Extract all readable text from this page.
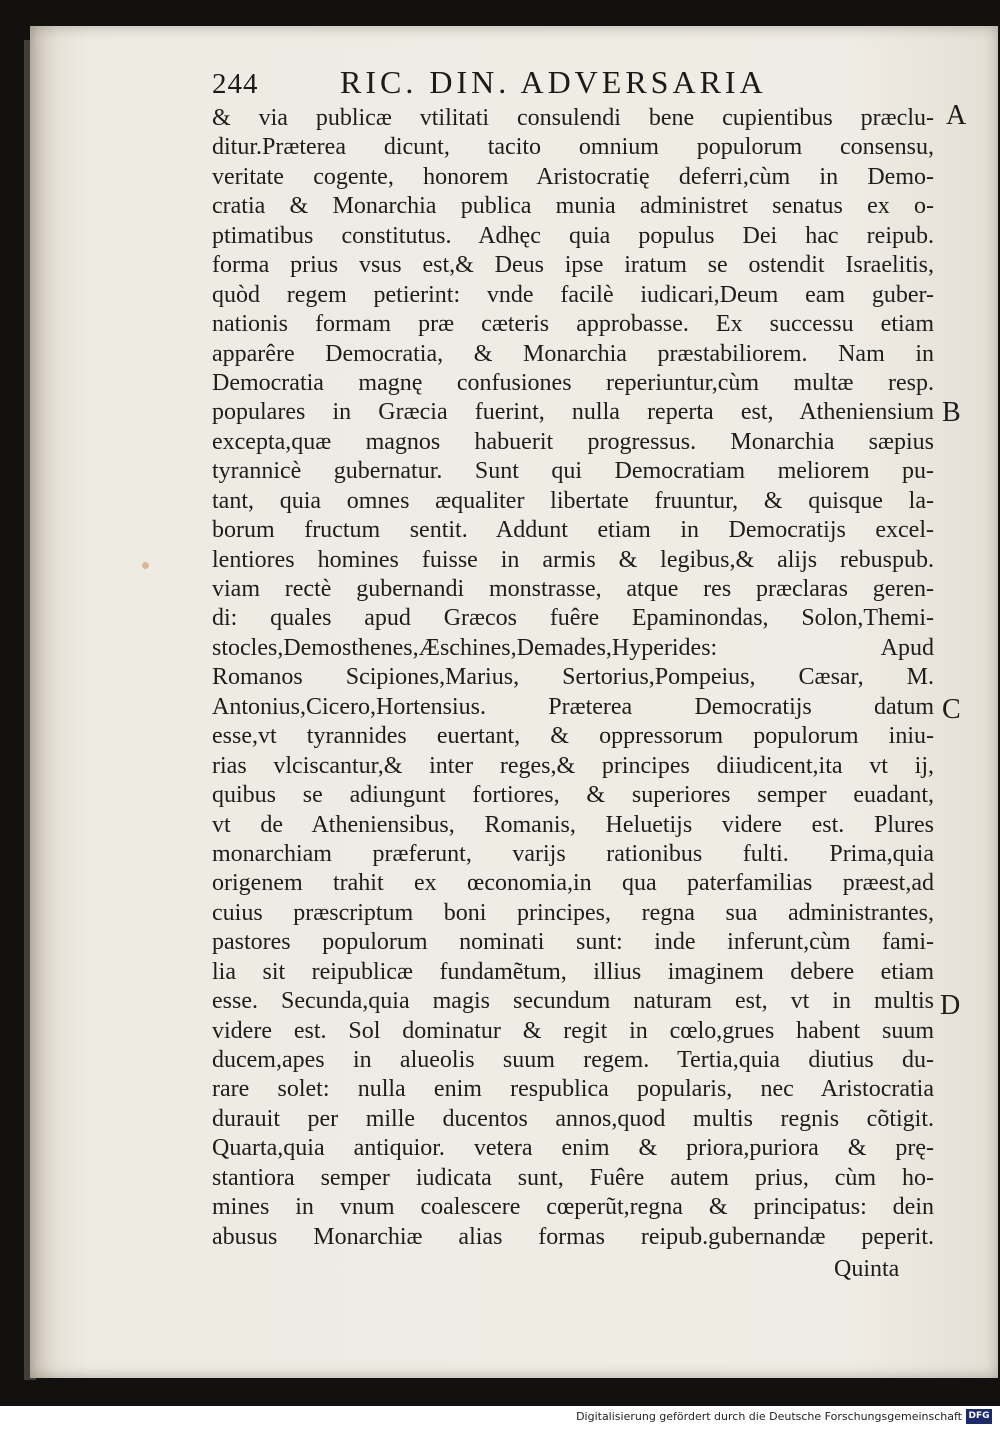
244	RIC. DIN. ADVERSARIA
& via publicæ vtilitati consulendi bene cupientibus præclu-
ditur.Præterea dicunt, tacito omnium populorum consensu,
veritate cogente, honorem Aristocratię deferri,cùm in Demo-
cratia & Monarchia publica munia administret senatus ex o-
ptimatibus constitutus. Adhęc quia populus Dei hac reipub.
forma prius vsus est,& Deus ipse iratum se ostendit Israelitis,
quòd regem petierint: vnde facilè iudicari,Deum eam guber-
nationis formam præ cæteris approbasse. Ex successu etiam
apparêre Democratia, & Monarchia præstabiliorem. Nam in
Democratia magnę confusiones reperiuntur,cùm multæ resp.
populares in Græcia fuerint, nulla reperta est, Atheniensium
excepta,quæ magnos habuerit progressus. Monarchia sæpius
tyrannicè gubernatur. Sunt qui Democratiam meliorem pu-
tant, quia omnes æqualiter libertate fruuntur, & quisque la-
borum fructum sentit. Addunt etiam in Democratijs excel-
lentiores homines fuisse in armis & legibus,& alijs rebuspub.
viam rectè gubernandi monstrasse, atque res præclaras geren-
di: quales apud Græcos fuêre Epaminondas, Solon,Themi-
stocles,Demosthenes,Æschines,Demades,Hyperides: Apud
Romanos Scipiones,Marius, Sertorius,Pompeius, Cæsar, M.
Antonius,Cicero,Hortensius. Præterea Democratijs datum
esse,vt tyrannides euertant, & oppressorum populorum iniu-
rias vlciscantur,& inter reges,& principes diiudicent,ita vt ij,
quibus se adiungunt fortiores, & superiores semper euadant,
vt de Atheniensibus, Romanis, Heluetijs videre est. Plures
monarchiam præferunt, varijs rationibus fulti. Prima,quia
origenem trahit ex œconomia,in qua paterfamilias præest,ad
cuius præscriptum boni principes, regna sua administrantes,
pastores populorum nominati sunt: inde inferunt,cùm fami-
lia sit reipublicæ fundamẽtum, illius imaginem debere etiam
esse. Secunda,quia magis secundum naturam est, vt in multis
videre est. Sol dominatur & regit in cœlo,grues habent suum
ducem,apes in alueolis suum regem. Tertia,quia diutius du-
rare solet: nulla enim respublica popularis, nec Aristocratia
durauit per mille ducentos annos,quod multis regnis cõtigit.
Quarta,quia antiquior. vetera enim & priora,puriora & prę-
stantiora semper iudicata sunt, Fuêre autem prius, cùm ho-
mines in vnum coalescere cœperũt,regna & principatus: dein
abusus Monarchiæ alias formas reipub.gubernandæ peperit.
A
B
C
D
Quinta
Digitalisierung gefördert durch die Deutsche Forschungsgemeinschaft DFG
